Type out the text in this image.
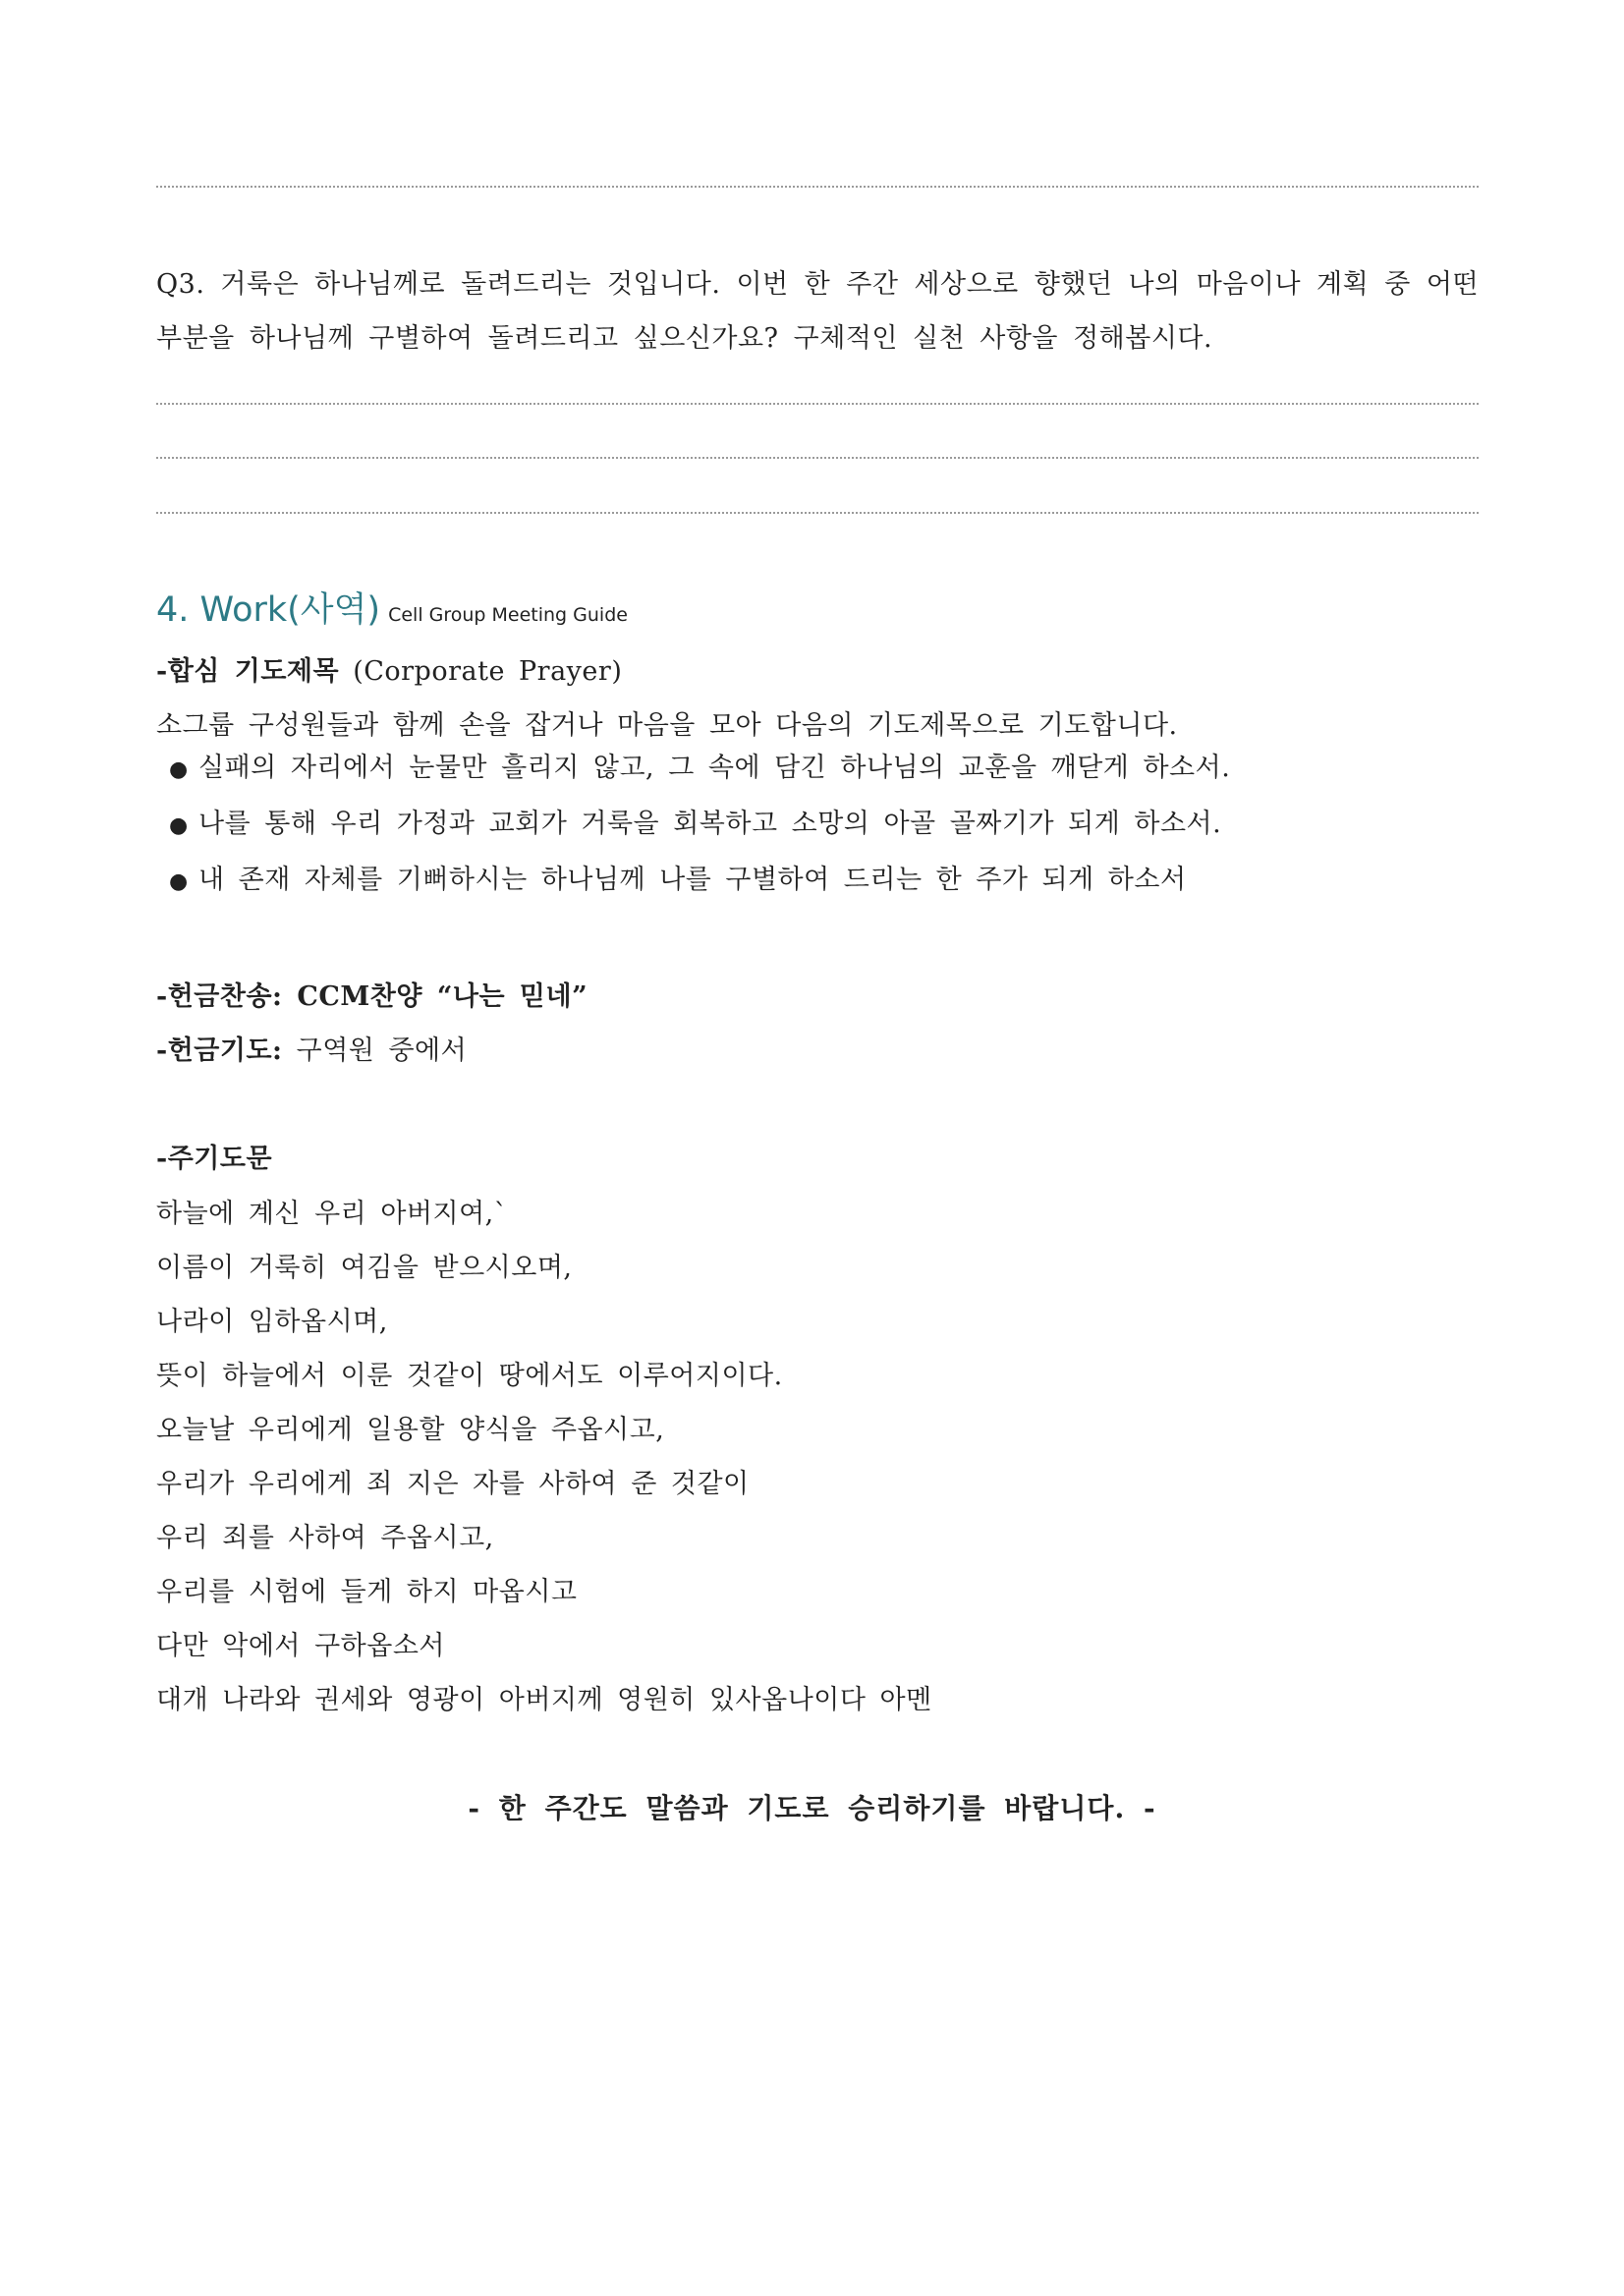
Q3. 거룩은 하나님께로 돌려드리는 것입니다. 이번 한 주간 세상으로 향했던 나의 마음이나 계획 중 어떤 부분을 하나님께 구별하여 돌려드리고 싶으신가요? 구체적인 실천 사항을 정해봅시다.
4. Work(사역) Cell Group Meeting Guide
-합심 기도제목 (Corporate Prayer)
소그룹 구성원들과 함께 손을 잡거나 마음을 모아 다음의 기도제목으로 기도합니다.
● 실패의 자리에서 눈물만 흘리지 않고, 그 속에 담긴 하나님의 교훈을 깨닫게 하소서.
● 나를 통해 우리 가정과 교회가 거룩을 회복하고 소망의 아골 골짜기가 되게 하소서.
● 내 존재 자체를 기뻐하시는 하나님께 나를 구별하여 드리는 한 주가 되게 하소서
-헌금찬송: CCM찬양 “나는 믿네”
-헌금기도: 구역원 중에서
-주기도문
하늘에 계신 우리 아버지여,`
이름이 거룩히 여김을 받으시오며,
나라이 임하옵시며,
뜻이 하늘에서 이룬 것같이 땅에서도 이루어지이다.
오늘날 우리에게 일용할 양식을 주옵시고,
우리가 우리에게 죄 지은 자를 사하여 준 것같이
우리 죄를 사하여 주옵시고,
우리를 시험에 들게 하지 마옵시고
다만 악에서 구하옵소서
대개 나라와 권세와 영광이 아버지께 영원히 있사옵나이다 아멘
- 한 주간도 말씀과 기도로 승리하기를 바랍니다. -
